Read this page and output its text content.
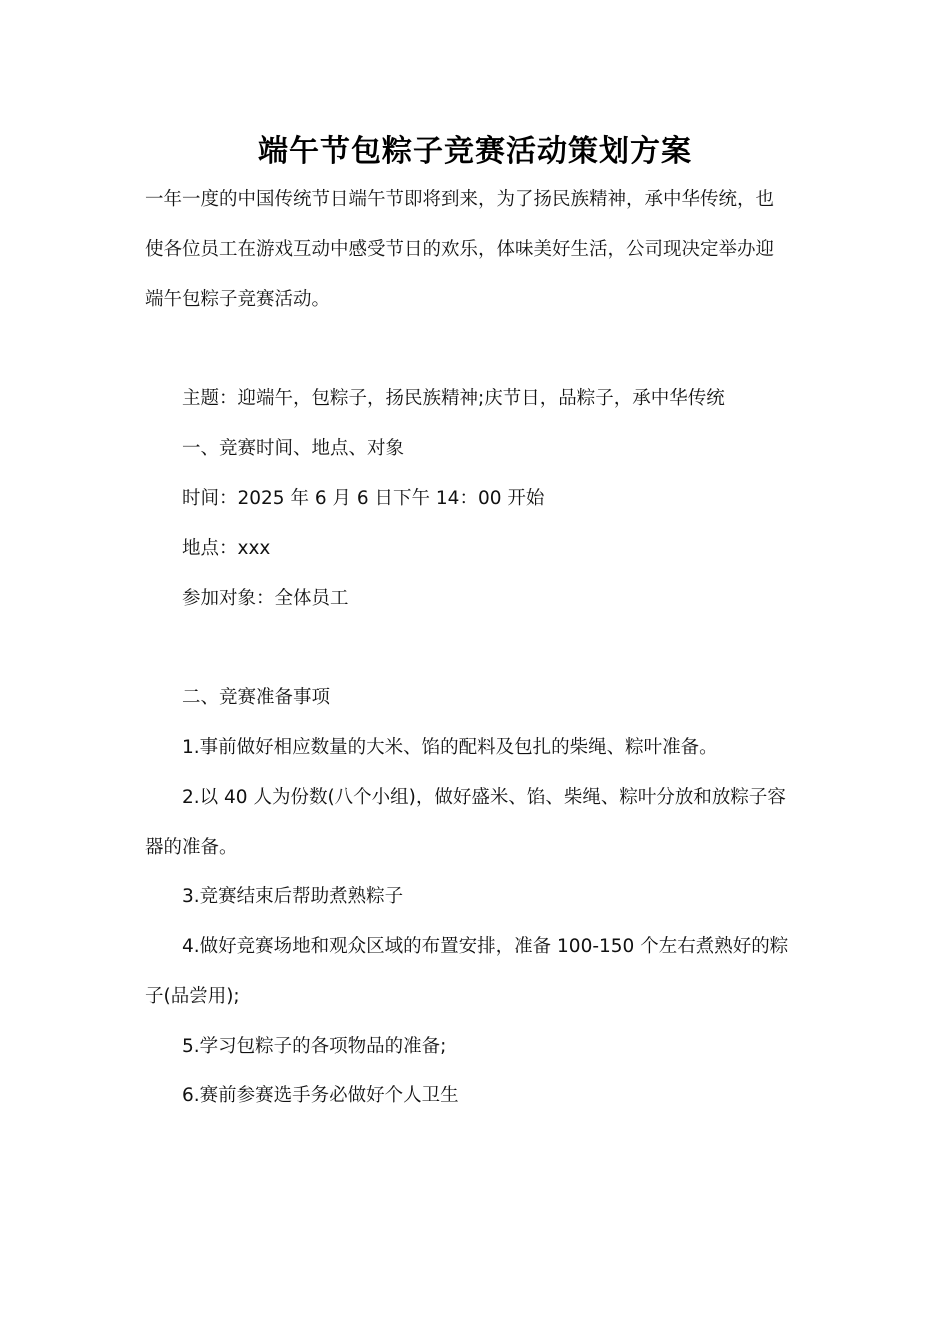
端午节包粽子竞赛活动策划方案

一年一度的中国传统节日端午节即将到来，为了扬民族精神，承中华传统，也

使各位员工在游戏互动中感受节日的欢乐，体味美好生活，公司现决定举办迎

端午包粽子竞赛活动。

主题：迎端午，包粽子，扬民族精神;庆节日，品粽子，承中华传统

一、竞赛时间、地点、对象

时间：2025 年 6 月 6 日下午 14：00 开始

地点：xxx

参加对象：全体员工

二、竞赛准备事项

1.事前做好相应数量的大米、馅的配料及包扎的柴绳、粽叶准备。

2.以 40 人为份数(八个小组)，做好盛米、馅、柴绳、粽叶分放和放粽子容

器的准备。

3.竞赛结束后帮助煮熟粽子

4.做好竞赛场地和观众区域的布置安排，准备 100-150 个左右煮熟好的粽

子(品尝用);

5.学习包粽子的各项物品的准备;

6.赛前参赛选手务必做好个人卫生
